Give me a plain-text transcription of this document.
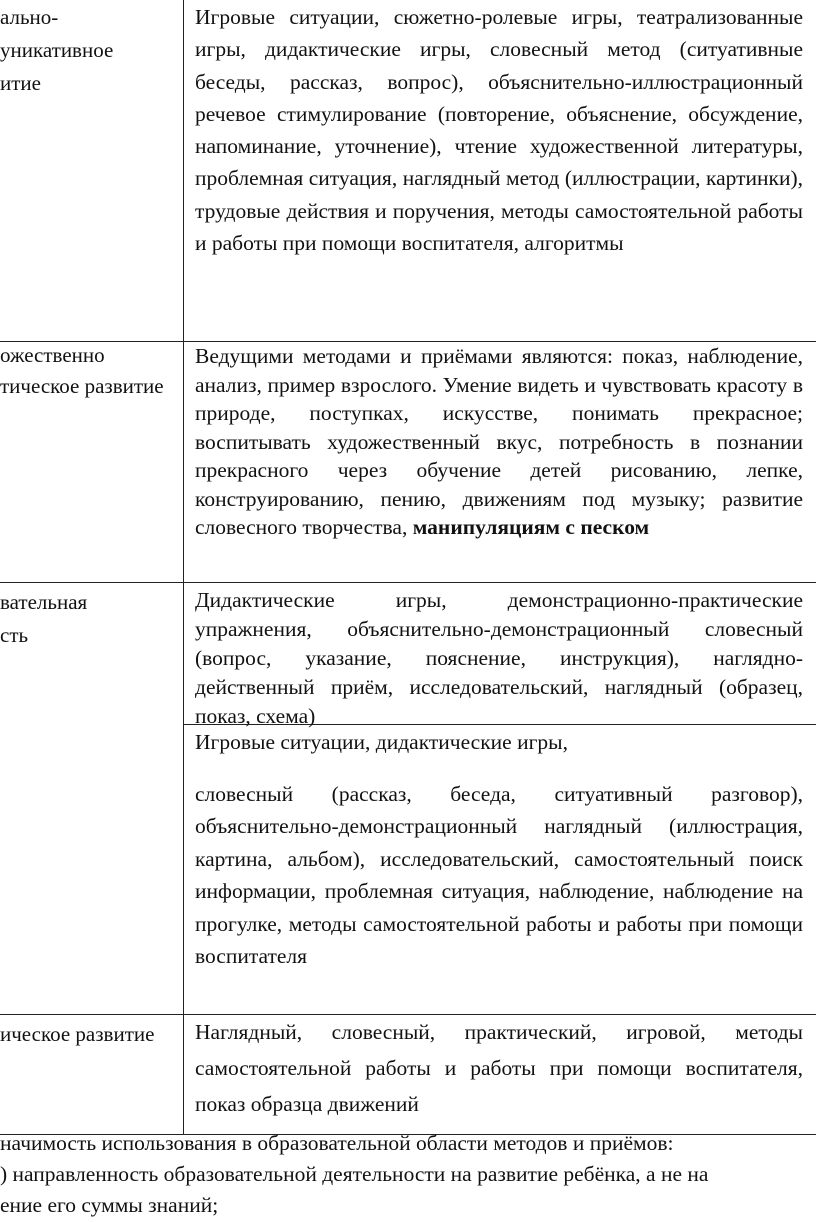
ально-
уникативное
итие

Игровые ситуации, сюжетно-ролевые игры, театрализованные игры, дидактические игры, словесный метод (ситуативные беседы, рассказ, вопрос), объяснительно-иллюстрационный речевое стимулирование (повторение, объяснение, обсуждение, напоминание, уточнение), чтение художественной литературы, проблемная ситуация, наглядный метод (иллюстрации, картинки), трудовые действия и поручения, методы самостоятельной работы и работы при помощи воспитателя, алгоритмы

ожественно
тическое развитие

Ведущими методами и приёмами являются: показ, наблюдение, анализ, пример взрослого. Умение видеть и чувствовать красоту в природе, поступках, искусстве, понимать прекрасное; воспитывать художественный вкус, потребность в познании прекрасного через обучение детей рисованию, лепке, конструированию, пению, движениям под музыку; развитие словесного творчества, манипуляциям с песком

вательная
сть

Дидактические игры, демонстрационно-практические упражнения, объяснительно-демонстрационный словесный (вопрос, указание, пояснение, инструкция), наглядно-действенный приём, исследовательский, наглядный (образец, показ, схема)

Игровые ситуации, дидактические игры,

словесный (рассказ, беседа, ситуативный разговор), объяснительно-демонстрационный наглядный (иллюстрация, картина, альбом), исследовательский, самостоятельный поиск информации, проблемная ситуация, наблюдение, наблюдение на прогулке, методы самостоятельной работы и работы при помощи воспитателя

ическое развитие Наглядный, словесный, практический, игровой, методы самостоятельной работы и работы при помощи воспитателя, показ образца движений

начимость использования в образовательной области методов и приёмов:
) направленность образовательной деятельности на развитие ребёнка, а не на
ение его суммы знаний;
